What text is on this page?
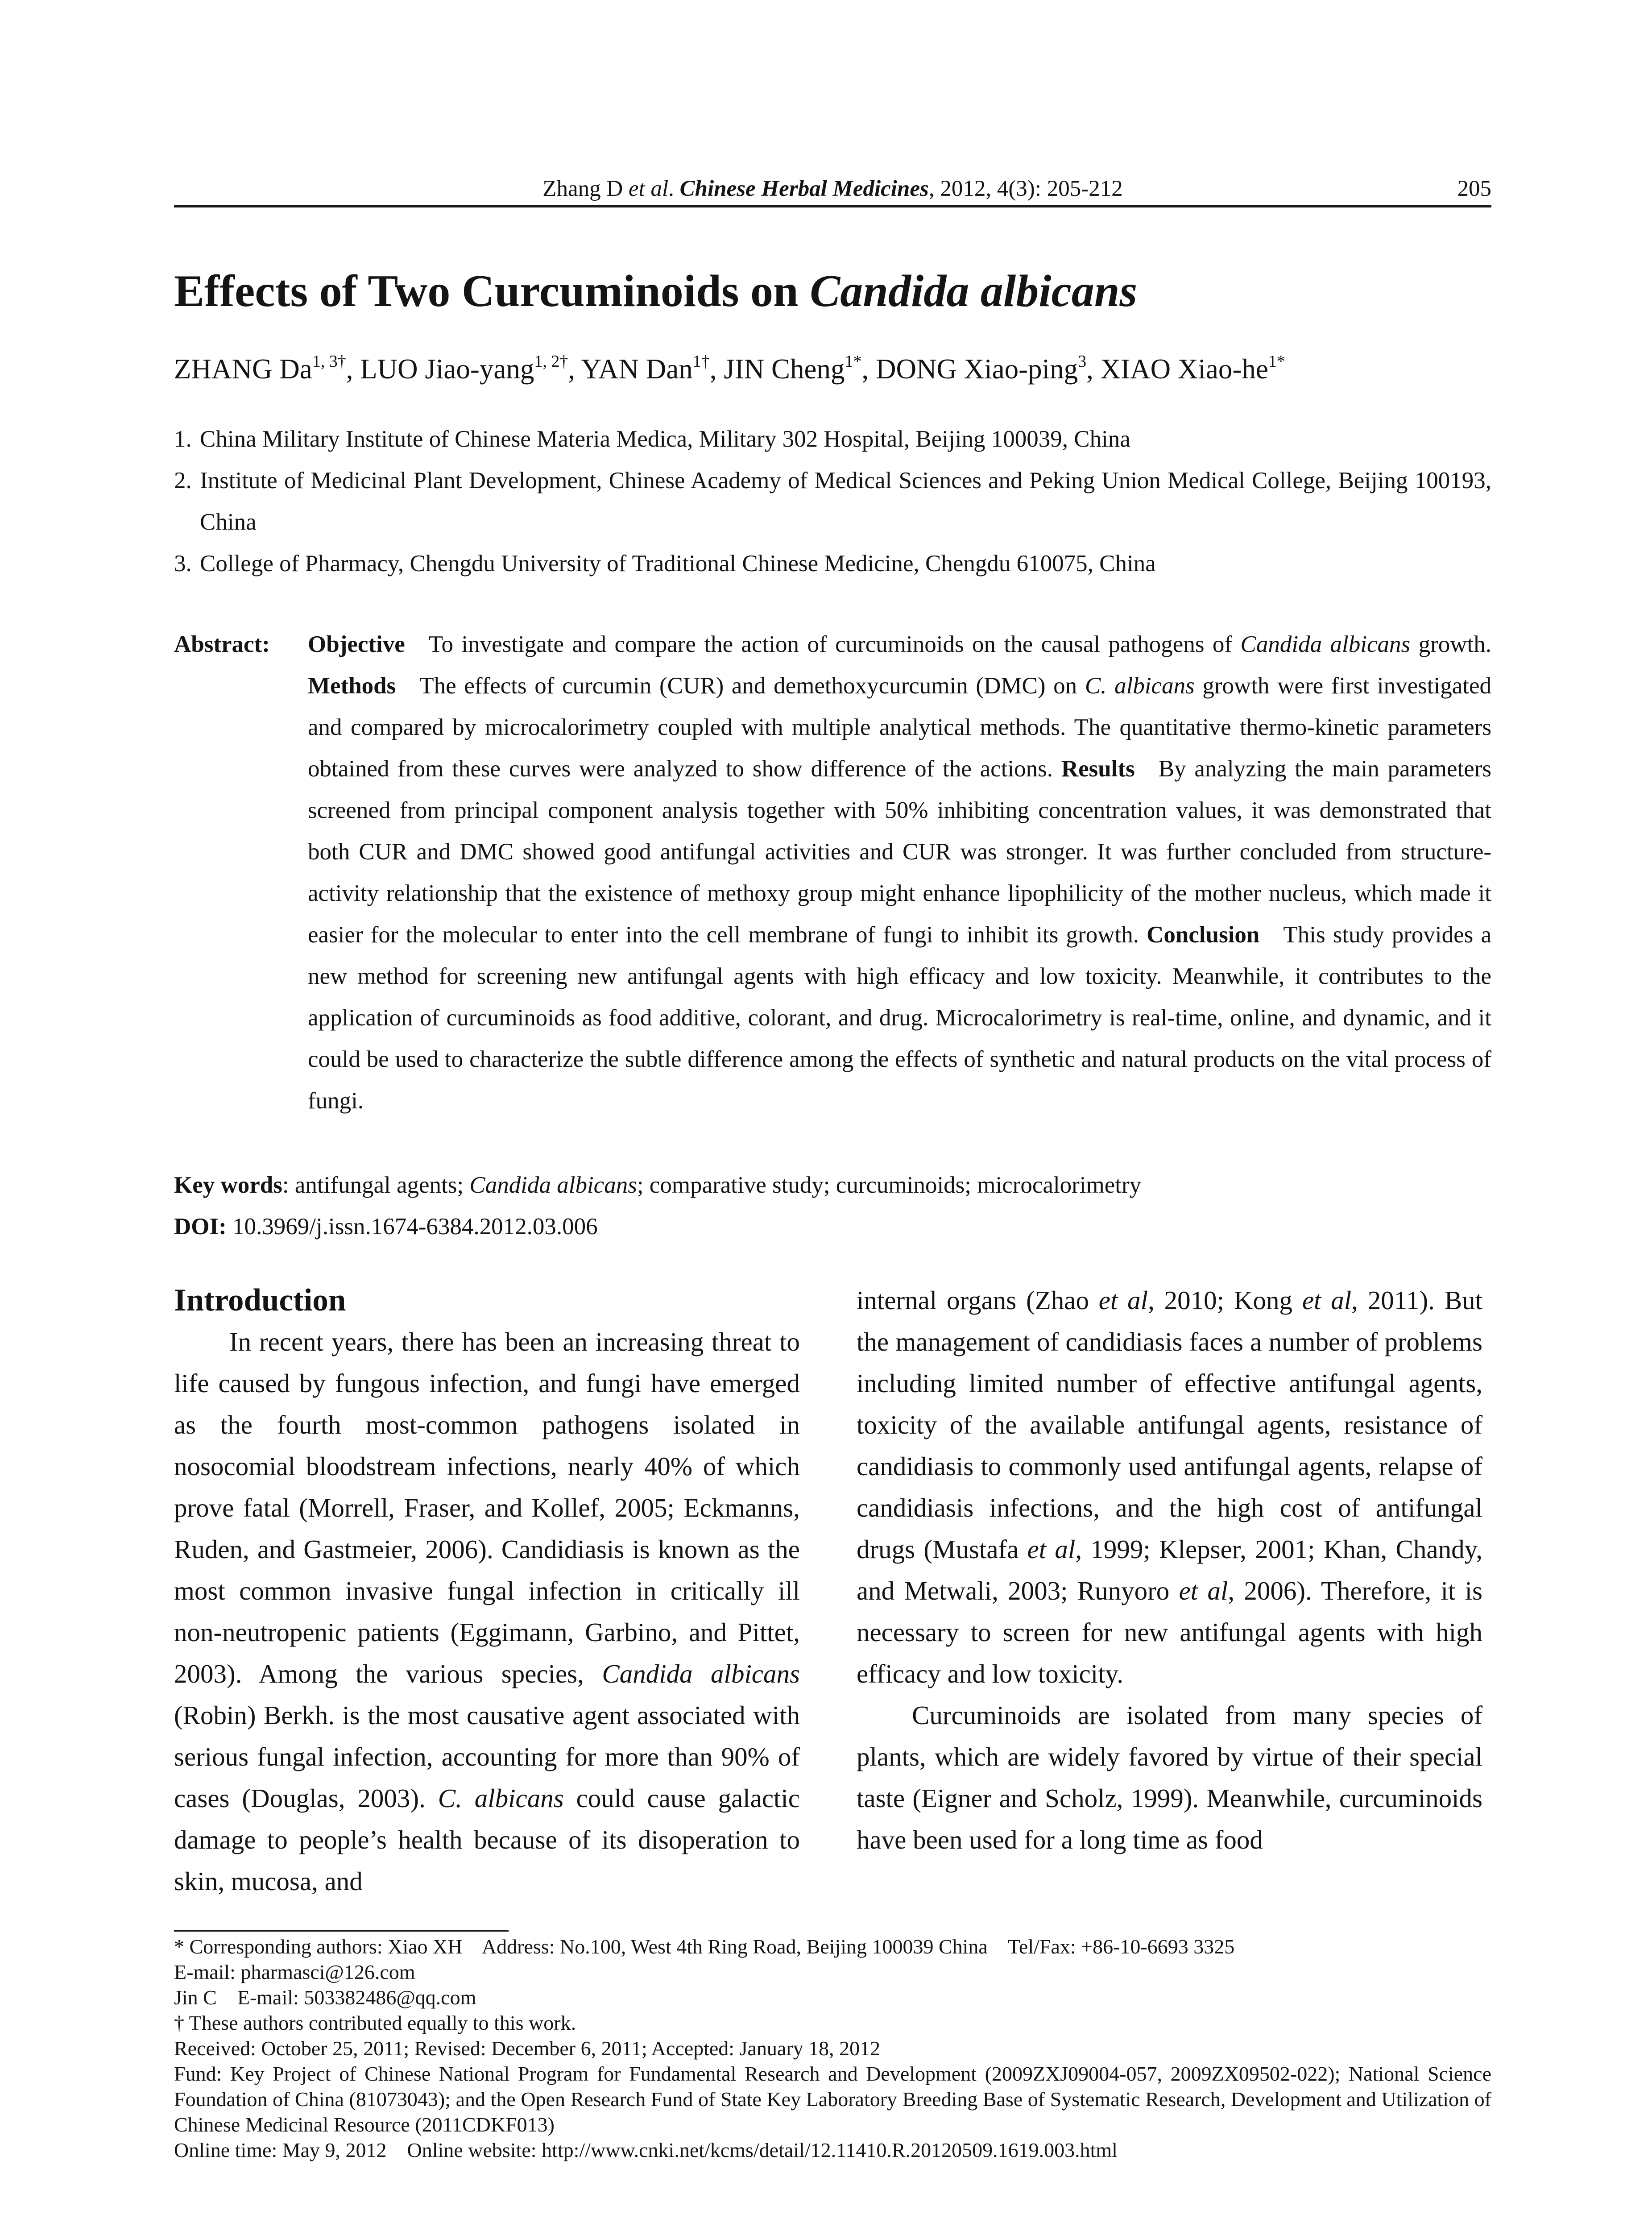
Zhang D et al. Chinese Herbal Medicines, 2012, 4(3): 205-212	205
Effects of Two Curcuminoids on Candida albicans
ZHANG $Da^{1, 3\dagger}$, LUO Jiao-yang$^{1, 2\dagger}$, YAN Dan$^{1\dagger}$, JIN Cheng$^{1*}$, DONG Xiao-ping$^3$, XIAO Xiao-$he^{1*}$
1. China Military Institute of Chinese Materia Medica, Military 302 Hospital, Beijing 100039, China
2. Institute of Medicinal Plant Development, Chinese Academy of Medical Sciences and Peking Union Medical College, Beijing 100193, China
3. College of Pharmacy, Chengdu University of Traditional Chinese Medicine, Chengdu 610075, China
Abstract: Objective  To investigate and compare the action of curcuminoids on the causal pathogens of Candida albicans growth. Methods  The effects of curcumin (CUR) and demethoxycurcumin (DMC) on C. albicans growth were first investigated and compared by microcalorimetry coupled with multiple analytical methods. The quantitative thermo-kinetic parameters obtained from these curves were analyzed to show difference of the actions. Results  By analyzing the main parameters screened from principal component analysis together with 50% inhibiting concentration values, it was demonstrated that both CUR and DMC showed good antifungal activities and CUR was stronger. It was further concluded from structure-activity relationship that the existence of methoxy group might enhance lipophilicity of the mother nucleus, which made it easier for the molecular to enter into the cell membrane of fungi to inhibit its growth. Conclusion  This study provides a new method for screening new antifungal agents with high efficacy and low toxicity. Meanwhile, it contributes to the application of curcuminoids as food additive, colorant, and drug. Microcalorimetry is real-time, online, and dynamic, and it could be used to characterize the subtle difference among the effects of synthetic and natural products on the vital process of fungi.

Key words: antifungal agents; Candida albicans; comparative study; curcuminoids; microcalorimetry
DOI: 10.3969/j.issn.1674-6384.2012.03.006
Introduction

In recent years, there has been an increasing threat to life caused by fungous infection, and fungi have emerged as the fourth most-common pathogens isolated in nosocomial bloodstream infections, nearly 40% of which prove fatal (Morrell, Fraser, and Kollef, 2005; Eckmanns, Ruden, and Gastmeier, 2006). Candidiasis is known as the most common invasive fungal infection in critically ill non-neutropenic patients (Eggimann, Garbino, and Pittet, 2003). Among the various species, Candida albicans (Robin) Berkh. is the most causative agent associated with serious fungal infection, accounting for more than 90% of cases (Douglas, 2003). C. albicans could cause galactic damage to people’s health because of its disoperation to skin, mucosa, and

internal organs (Zhao et al, 2010; Kong et al, 2011). But the management of candidiasis faces a number of problems including limited number of effective antifungal agents, toxicity of the available antifungal agents, resistance of candidiasis to commonly used antifungal agents, relapse of candidiasis infections, and the high cost of antifungal drugs (Mustafa et al, 1999; Klepser, 2001; Khan, Chandy, and Metwali, 2003; Runyoro et al, 2006). Therefore, it is necessary to screen for new antifungal agents with high efficacy and low toxicity.

Curcuminoids are isolated from many species of plants, which are widely favored by virtue of their special taste (Eigner and Scholz, 1999). Meanwhile, curcuminoids have been used for a long time as food

* Corresponding authors: Xiao XH    Address: No.100, West 4th Ring Road, Beijing 100039 China    Tel/Fax: +86-10-6693 3325
E-mail: pharmasci@126.com
Jin C    E-mail: 503382486@qq.com
† These authors contributed equally to this work.
Received: October 25, 2011; Revised: December 6, 2011; Accepted: January 18, 2012
Fund: Key Project of Chinese National Program for Fundamental Research and Development (2009ZXJ09004-057, 2009ZX09502-022); National Science Foundation of China (81073043); and the Open Research Fund of State Key Laboratory Breeding Base of Systematic Research, Development and Utilization of Chinese Medicinal Resource (2011CDKF013)
Online time: May 9, 2012    Online website: http://www.cnki.net/kcms/detail/12.11410.R.20120509.1619.003.html
